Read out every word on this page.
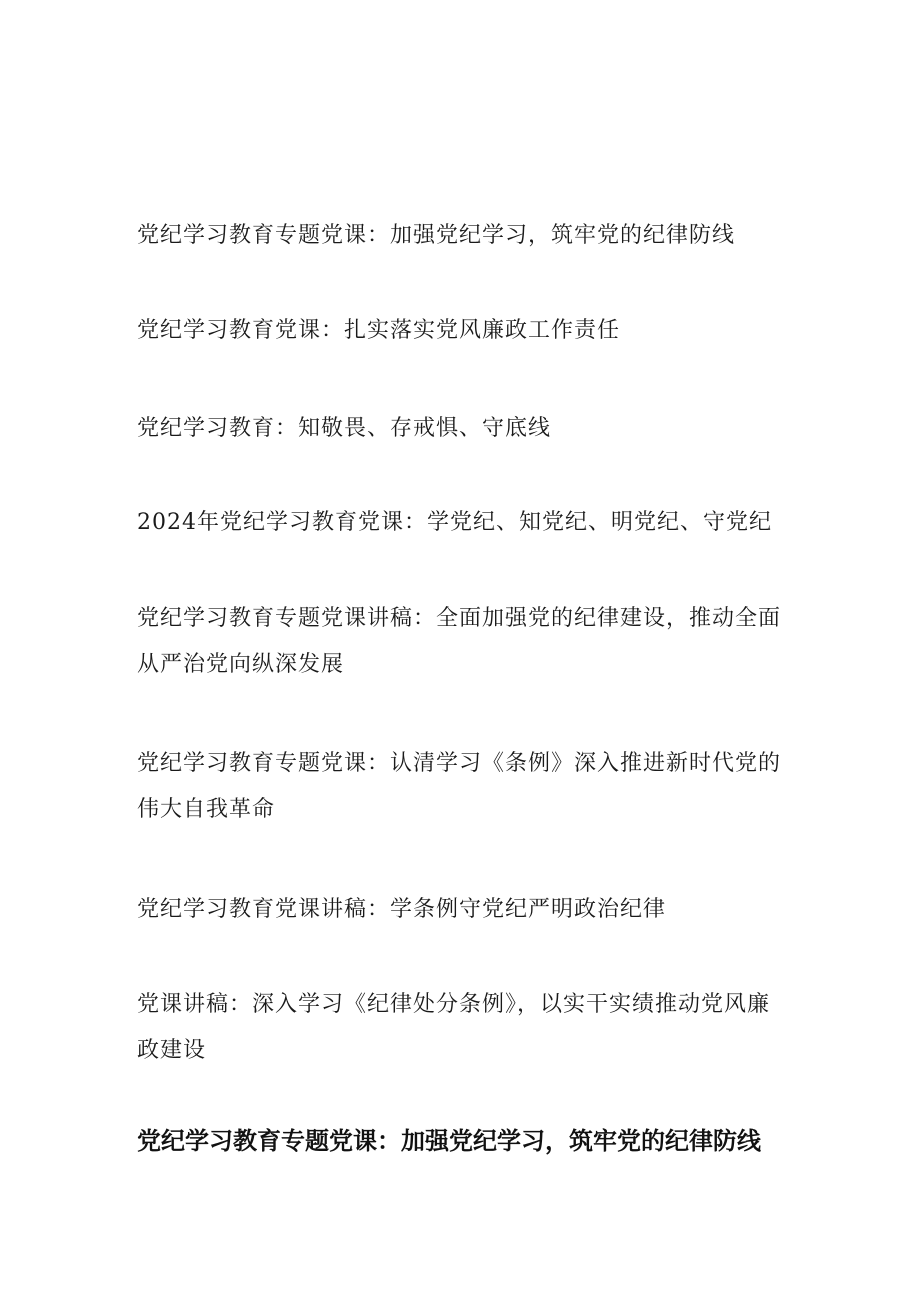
党纪学习教育专题党课：加强党纪学习，筑牢党的纪律防线

党纪学习教育党课：扎实落实党风廉政工作责任

党纪学习教育：知敬畏、存戒惧、守底线

2024年党纪学习教育党课：学党纪、知党纪、明党纪、守党纪

党纪学习教育专题党课讲稿：全面加强党的纪律建设，推动全面从严治党向纵深发展

党纪学习教育专题党课：认清学习《条例》深入推进新时代党的伟大自我革命

党纪学习教育党课讲稿：学条例守党纪严明政治纪律

党课讲稿：深入学习《纪律处分条例》，以实干实绩推动党风廉政建设

党纪学习教育专题党课：加强党纪学习，筑牢党的纪律防线
